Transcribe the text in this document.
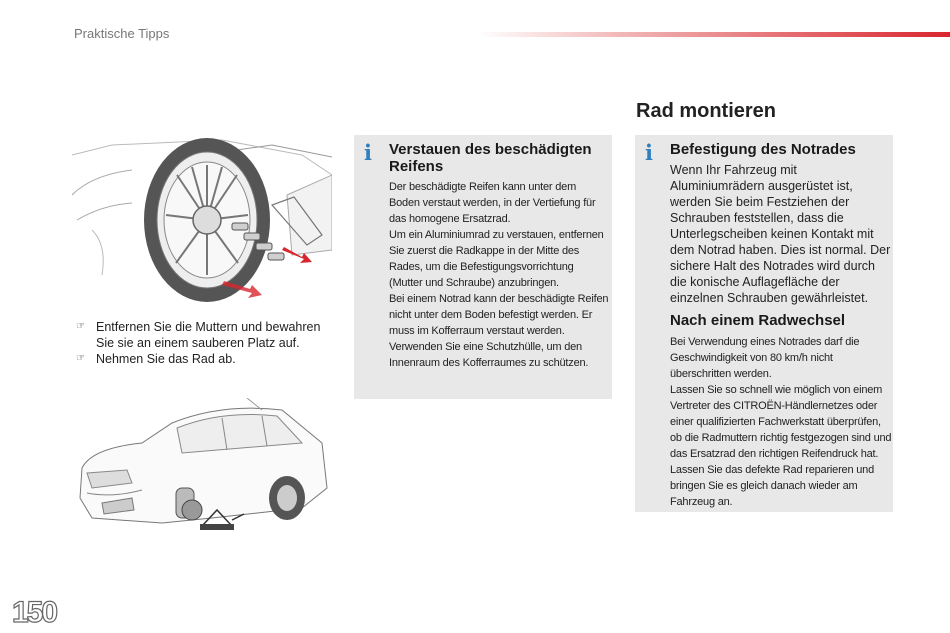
Praktische Tipps
Rad montieren
☞ Entfernen Sie die Muttern und bewahren Sie sie an einem sauberen Platz auf.
☞ Nehmen Sie das Rad ab.
i Verstauen des beschädigten Reifens

Der beschädigte Reifen kann unter dem Boden verstaut werden, in der Vertiefung für das homogene Ersatzrad.

Um ein Aluminiumrad zu verstauen, entfernen Sie zuerst die Radkappe in der Mitte des Rades, um die Befestigungsvorrichtung (Mutter und Schraube) anzubringen.

Bei einem Notrad kann der beschädigte Reifen nicht unter dem Boden befestigt werden. Er muss im Kofferraum verstaut werden. Verwenden Sie eine Schutzhülle, um den Innenraum des Kofferraumes zu schützen.

i Befestigung des Notrades
Wenn Ihr Fahrzeug mit Aluminiumrädern ausgerüstet ist, werden Sie beim Festziehen der Schrauben feststellen, dass die Unterlegscheiben keinen Kontakt mit dem Notrad haben. Dies ist normal. Der sichere Halt des Notrades wird durch die konische Auflagefläche der einzelnen Schrauben gewährleistet.
Nach einem Radwechsel

Bei Verwendung eines Notrades darf die Geschwindigkeit von 80 km/h nicht überschritten werden.

Lassen Sie so schnell wie möglich von einem Vertreter des CITROËN-Händlernetzes oder einer qualifizierten Fachwerkstatt überprüfen, ob die Radmuttern richtig festgezogen sind und das Ersatzrad den richtigen Reifendruck hat.

Lassen Sie das defekte Rad reparieren und bringen Sie es gleich danach wieder am Fahrzeug an.

150
